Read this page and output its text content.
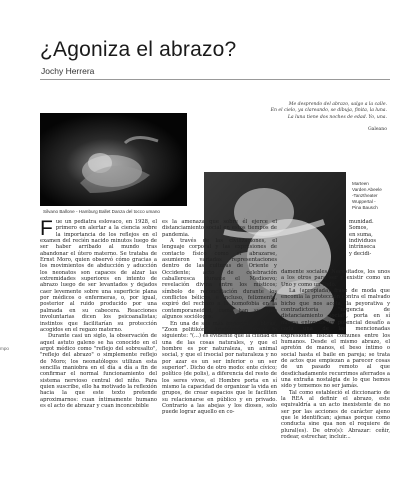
¿Agoniza el abrazo?
Jochy Herrera
Me desprendo del abrazo, salgo a la calle.
En el cielo, ya clareando, se dibuja, finita, la luna.
La luna tiene dos noches de edad. Yo, una.
Galeano
Silvano Ballone - Hamburg Ballet Danza del tocco umano
Marteen
Varden Abeele
-Tanztheater
Wuppertal -
Pina Bausch
mpo

Fue un pediatra eslovaco, en 1928, el primero en alertar a la ciencia sobre la importancia de los reflejos en el examen del recién nacido minutos luego de ser haber arribado al mundo tras abandonar el útero materno. Se trataba de Ernst Moro, quien observó cómo gracias a los movimientos de abducción y aducción los neonatos son capaces de alzar las extremidades superiores en intento de abrazo luego de ser levantados y dejados caer levemente sobre una superficie plana por médicos o enfermeras, o, por igual, posterior al ruido producido por una palmada en su cabecera. Reacciones involuntarias dicen los psicoanalistas; instintos que facilitarían su protección acogidos en el regazo materno.

Durante casi un siglo, la observación de aquel astuto galeno se ha conocido en el argot médico como "reflejo del sobresalto", "reflejo del abrazo" o simplemente reflejo de Moro; los neonatólogos utilizan esta sencilla maniobra en el día a día a fin de confirmar el normal funcionamiento del sistema nervioso central del niño. Para quien suscribe, ello ha motivado la reflexión hacia la que este texto pretende aproximarnos: cuan íntimamente humano es el acto de abrazar y cuan inconcebible

es la amenaza que sobre él ejerce el distanciamiento social en estos tiempos de pandemia.

A través de las civilizaciones, el lenguaje corporal y las expresiones de contacto físico como el abrazarse, asumieron variadas representaciones dentro de las culturas de Oriente y Occidente; acto de celebración caballeresca durante el Medioevo; revelación divina entre los místicos; símbolo de reconciliación durante los conflictos bélicos, e incluso, felizmente, expiró del rechazo a la homofobia en la contemporaneidad, como han sugerido algunos sociólogos.

En una de sus más importantes obras, "Zoon politikón", Aristóteles expresó lo siguiente: "(...) es evidente que la ciudad es una de las cosas naturales, y que el hombre es por naturaleza, un animal social, y que el irsocial por naturaleza y no por azar es un ser inferior o un ser superior". Dicho de otro modo: ente cívico; político (de polis), a diferencia del resto de los seres vivos, el Hombre porta en sí mismo la capacidad de organizar la vida en grupos, de crear espacios que le faciliten su relacionarse en público y en privado. Contrario a las abejas y los dioses, solo puede lograr aquello en co-

munidad.
Somos,
en suma,
individuos
intrínseca
y decidi-

damente sociales. Necesitados, los unos a los otros para ser y existir como un Uno y como un Todo.

La (apropiada) frase de moda que encomia la protección contra el malvado bicho que nos acota, la peyorativa y contradictoria "urgencia de distanciamiento social", porta en sí misma entonces un potencial desafío a cada una de las mencionadas expresiones físicas comunes entre los humanos. Desde el mismo abrazo, el apretón de manos, el beso íntimo o social hasta el baile en pareja; se trata de actos que empiezan a parecer cosas de un pasado remoto al que desdichadamente recurrimos aferrados a una extraña nostalgia de lo que hemos sido y tememos no ser jamás.

Tal como estableció el diccionario de la REA al definir el abrazo, este equivaldría a un acto inexistente de no ser por las acciones de carácter ajeno que le identifican; ajenas porque como conducta sine qua non el requiere de plural(es). De otro(s): Abrazar: ceñir, rodear, estrechar, incluir...
